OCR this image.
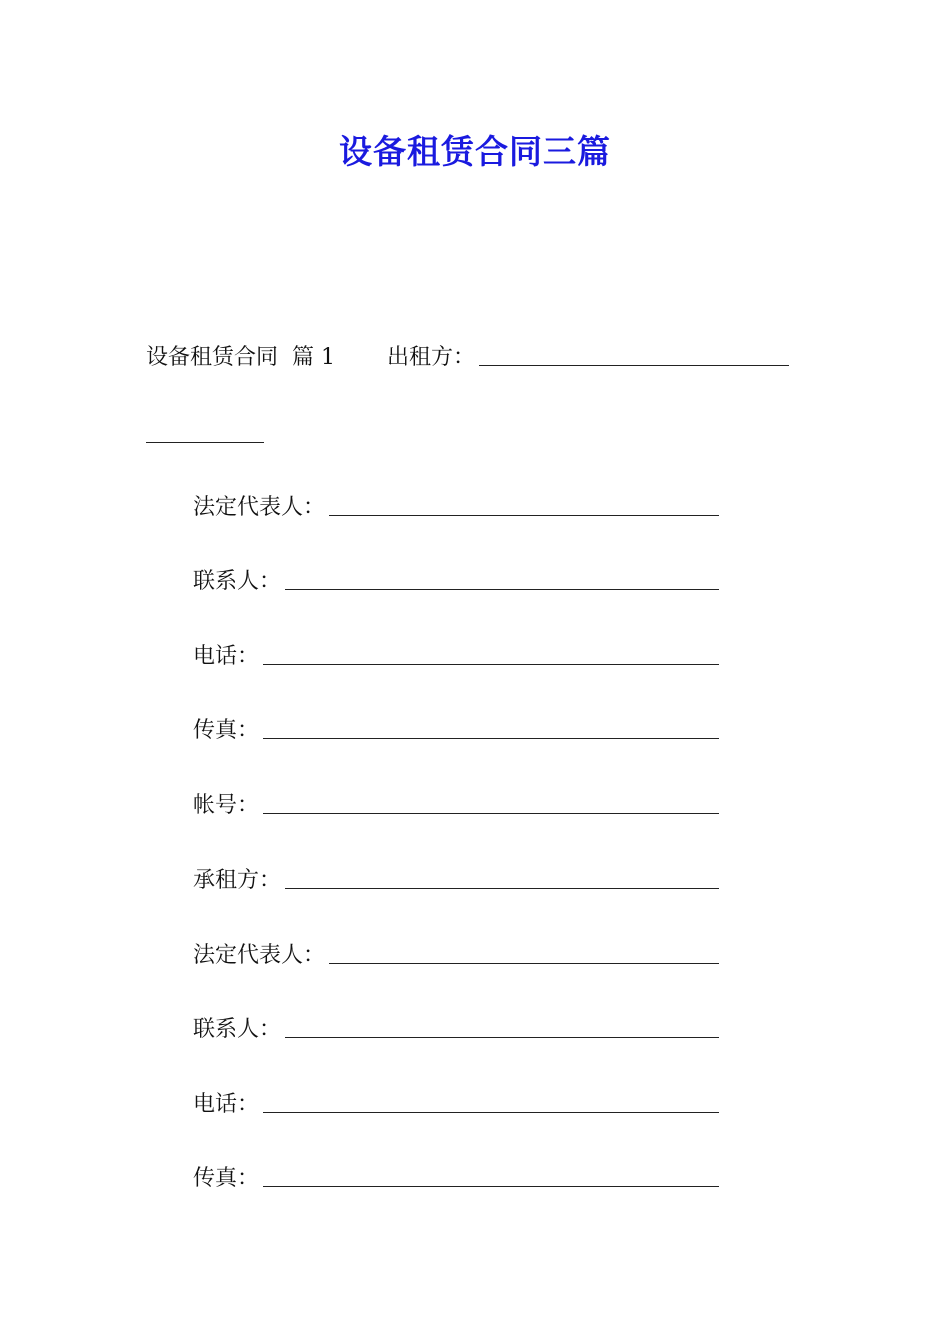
设备租赁合同三篇
设备租赁合同 篇 1 出租方：
法定代表人：
联系人：
电话：
传真：
帐号：
承租方：
法定代表人：
联系人：
电话：
传真：
